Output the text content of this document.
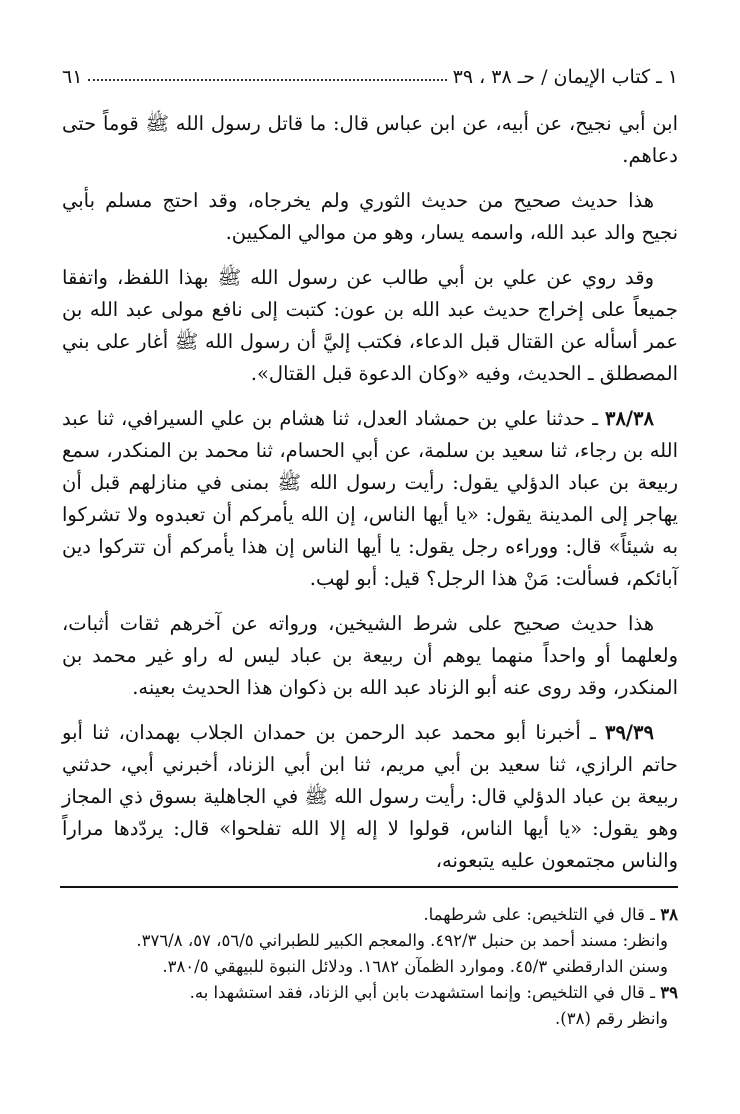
١ ـ كتاب الإيمان / حـ ٣٨ ، ٣٩
٦١

ابن أبي نجيح، عن أبيه، عن ابن عباس قال: ما قاتل رسول الله ﷺ قوماً حتى دعاهم.

هذا حديث صحيح من حديث الثوري ولم يخرجاه، وقد احتج مسلم بأبي نجيح والد عبد الله، واسمه يسار، وهو من موالي المكيين.

وقد روي عن علي بن أبي طالب عن رسول الله ﷺ بهذا اللفظ، واتفقا جميعاً على إخراج حديث عبد الله بن عون: كتبت إلى نافع مولى عبد الله بن عمر أسأله عن القتال قبل الدعاء، فكتب إليَّ أن رسول الله ﷺ أغار على بني المصطلق ـ الحديث، وفيه «وكان الدعوة قبل القتال».

٣٨/٣٨ ـ حدثنا علي بن حمشاد العدل، ثنا هشام بن علي السيرافي، ثنا عبد الله بن رجاء، ثنا سعيد بن سلمة، عن أبي الحسام، ثنا محمد بن المنكدر، سمع ربيعة بن عباد الدؤلي يقول: رأيت رسول الله ﷺ بمنى في منازلهم قبل أن يهاجر إلى المدينة يقول: «يا أيها الناس، إن الله يأمركم أن تعبدوه ولا تشركوا به شيئاً» قال: ووراءه رجل يقول: يا أيها الناس إن هذا يأمركم أن تتركوا دين آبائكم، فسألت: مَنْ هذا الرجل؟ قيل: أبو لهب.

هذا حديث صحيح على شرط الشيخين، ورواته عن آخرهم ثقات أثبات، ولعلهما أو واحداً منهما يوهم أن ربيعة بن عباد ليس له راو غير محمد بن المنكدر، وقد روى عنه أبو الزناد عبد الله بن ذكوان هذا الحديث بعينه.

٣٩/٣٩ ـ أخبرنا أبو محمد عبد الرحمن بن حمدان الجلاب بهمدان، ثنا أبو حاتم الرازي، ثنا سعيد بن أبي مريم، ثنا ابن أبي الزناد، أخبرني أبي، حدثني ربيعة بن عباد الدؤلي قال: رأيت رسول الله ﷺ في الجاهلية بسوق ذي المجاز وهو يقول: «يا أيها الناس، قولوا لا إله إلا الله تفلحوا» قال: يردّدها مراراً والناس مجتمعون عليه يتبعونه،

٣٨ ـ قال في التلخيص: على شرطهما.

وانظر: مسند أحمد بن حنبل ٤٩٢/٣. والمعجم الكبير للطبراني ٥٦/٥، ٥٧، ٣٧٦/٨.

وسنن الدارقطني ٤٥/٣. وموارد الظمآن ١٦٨٢. ودلائل النبوة للبيهقي ٣٨٠/٥.

٣٩ ـ قال في التلخيص: وإنما استشهدت بابن أبي الزناد، فقد استشهدا به.

وانظر رقم (٣٨).
